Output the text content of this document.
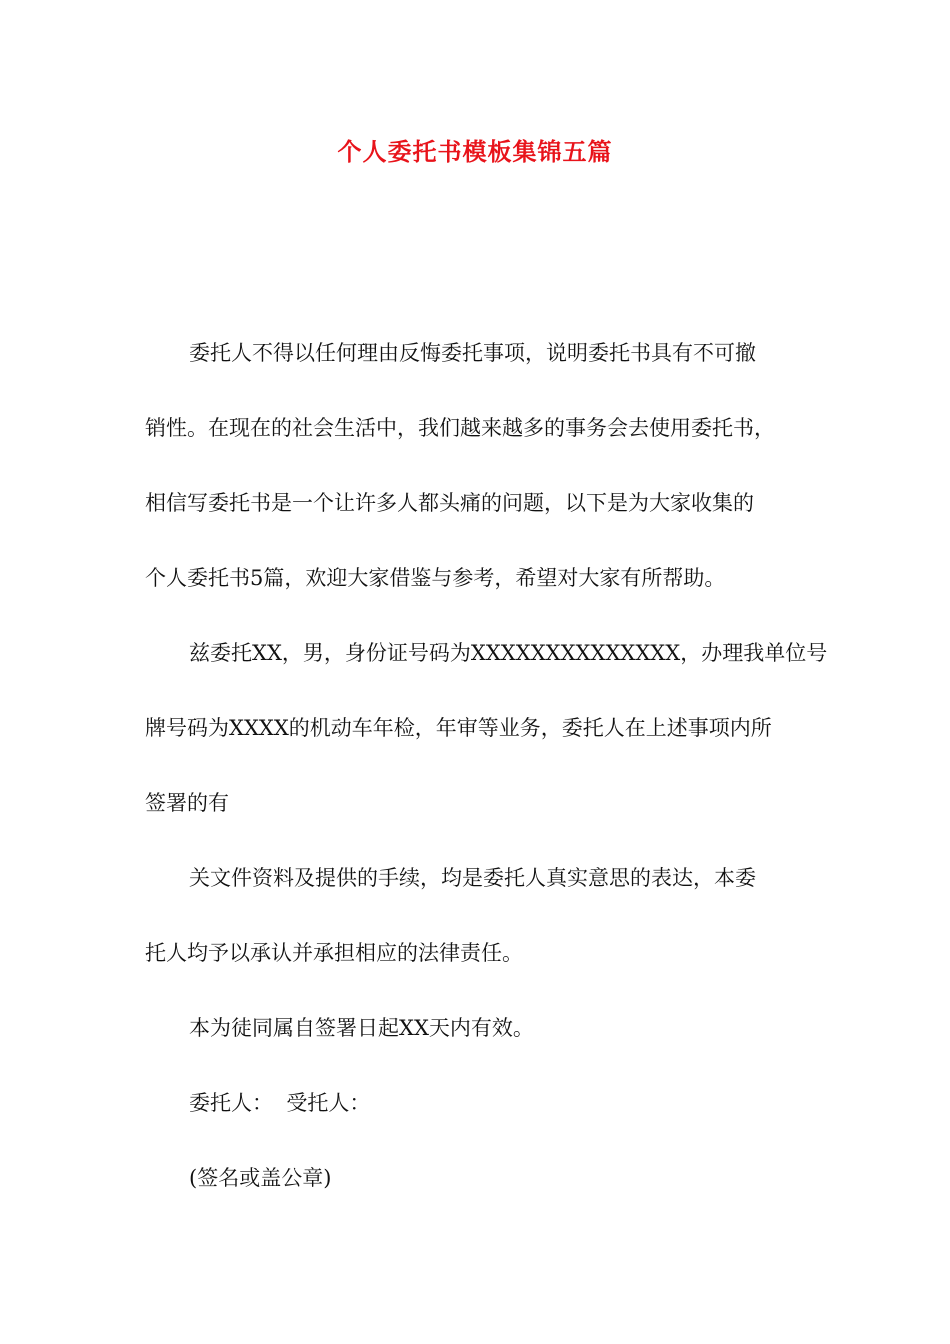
个人委托书模板集锦五篇

委托人不得以任何理由反悔委托事项，说明委托书具有不可撤
销性。在现在的社会生活中，我们越来越多的事务会去使用委托书，
相信写委托书是一个让许多人都头痛的问题，以下是为大家收集的
个人委托书5篇，欢迎大家借鉴与参考，希望对大家有所帮助。

兹委托XX，男，身份证号码为XXXXXXXXXXXXXX，办理我单位号
牌号码为XXXX的机动车年检，年审等业务，委托人在上述事项内所
签署的有

关文件资料及提供的手续，均是委托人真实意思的表达，本委
托人均予以承认并承担相应的法律责任。

本为徒同属自签署日起XX天内有效。

委托人：  受托人：

(签名或盖公章)
